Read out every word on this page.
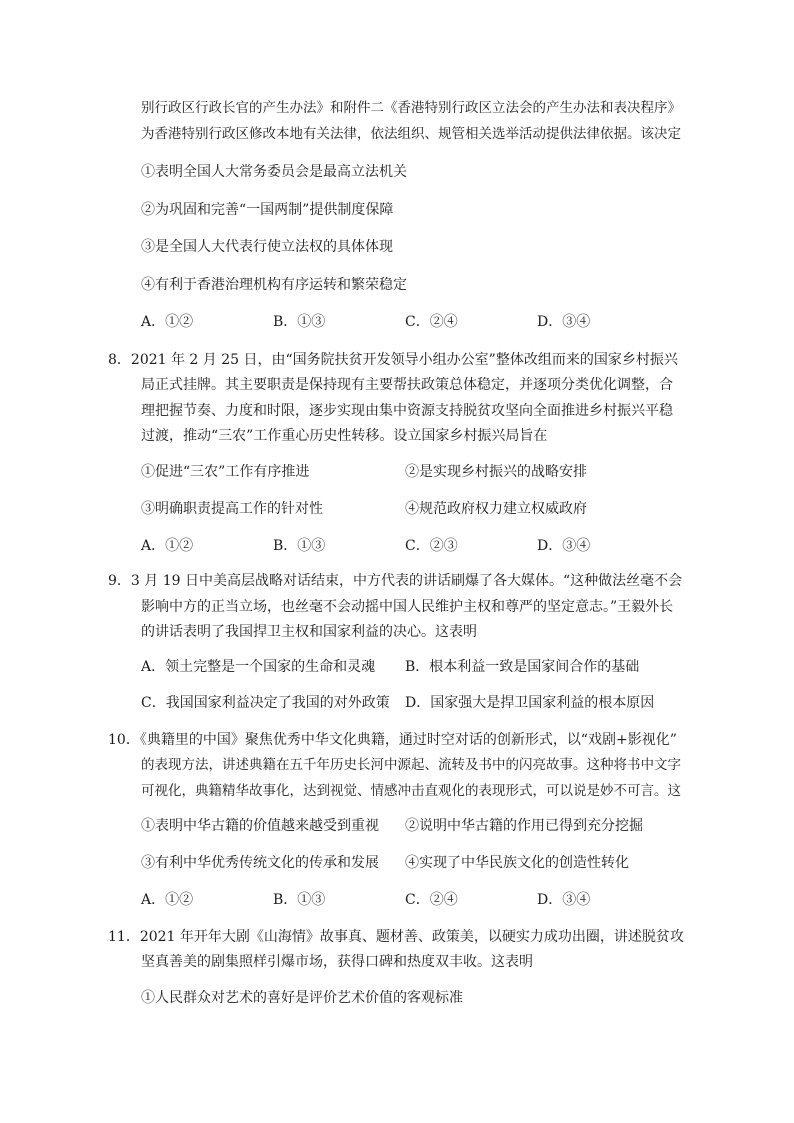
别行政区行政长官的产生办法》和附件二《香港特别行政区立法会的产生办法和表决程序》
为香港特别行政区修改本地有关法律，依法组织、规管相关选举活动提供法律依据。该决定
①表明全国人大常务委员会是最高立法机关
②为巩固和完善“一国两制”提供制度保障
③是全国人大代表行使立法权的具体体现
④有利于香港治理机构有序运转和繁荣稳定
A．①②	B．①③	C．②④	D．③④
8．2021 年 2 月 25 日，由“国务院扶贫开发领导小组办公室”整体改组而来的国家乡村振兴
局正式挂牌。其主要职责是保持现有主要帮扶政策总体稳定，并逐项分类优化调整，合
理把握节奏、力度和时限，逐步实现由集中资源支持脱贫攻坚向全面推进乡村振兴平稳
过渡，推动“三农”工作重心历史性转移。设立国家乡村振兴局旨在
①促进“三农”工作有序推进	②是实现乡村振兴的战略安排
③明确职责提高工作的针对性	④规范政府权力建立权威政府
A．①②	B．①③	C．②③	D．③④
9．3 月 19 日中美高层战略对话结束，中方代表的讲话刷爆了各大媒体。“这种做法丝毫不会
影响中方的正当立场，也丝毫不会动摇中国人民维护主权和尊严的坚定意志。”王毅外长
的讲话表明了我国捍卫主权和国家利益的决心。这表明
A．领土完整是一个国家的生命和灵魂 B．根本利益一致是国家间合作的基础
C．我国国家利益决定了我国的对外政策 D．国家强大是捍卫国家利益的根本原因
10．《典籍里的中国》聚焦优秀中华文化典籍，通过时空对话的创新形式，以“戏剧+影视化”
的表现方法，讲述典籍在五千年历史长河中源起、流转及书中的闪亮故事。这种将书中文字
可视化，典籍精华故事化，达到视觉、情感冲击直观化的表现形式，可以说是妙不可言。这
①表明中华古籍的价值越来越受到重视 ②说明中华古籍的作用已得到充分挖掘
③有利中华优秀传统文化的传承和发展 ④实现了中华民族文化的创造性转化
A．①②	B．①③	C．②④	D．③④
11．2021 年开年大剧《山海情》故事真、题材善、政策美，以硬实力成功出圈，讲述脱贫攻
坚真善美的剧集照样引爆市场，获得口碑和热度双丰收。这表明
①人民群众对艺术的喜好是评价艺术价值的客观标准
